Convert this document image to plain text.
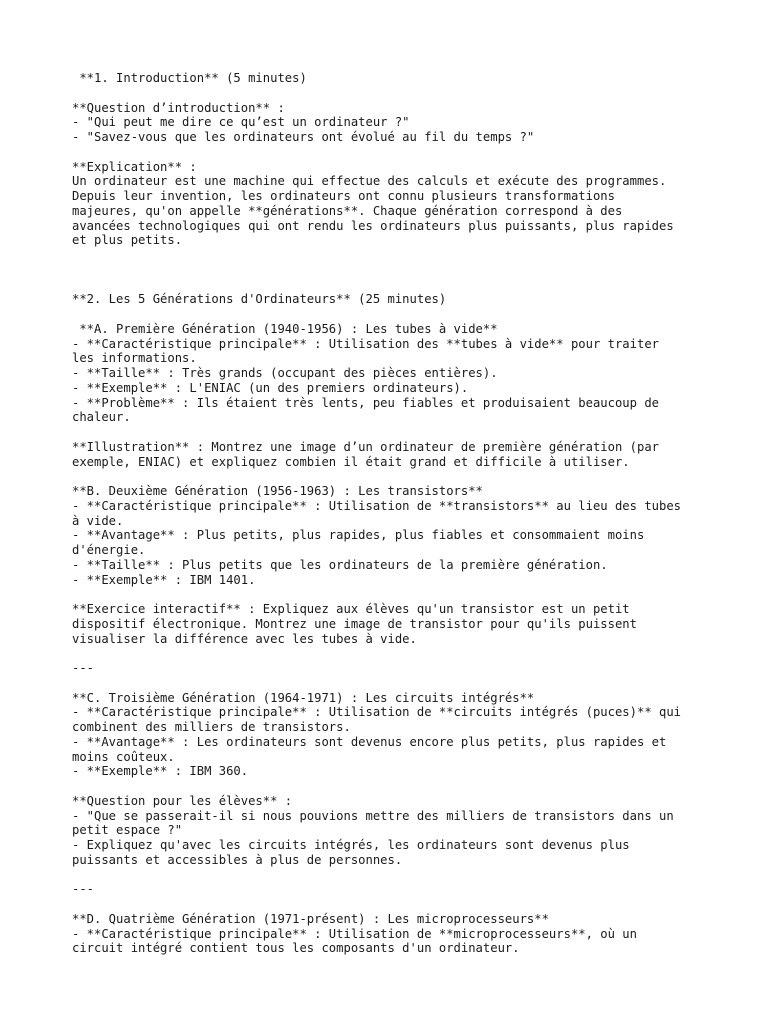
**1. Introduction** (5 minutes)
**Question d’introduction** :
- "Qui peut me dire ce qu’est un ordinateur ?"
- "Savez-vous que les ordinateurs ont évolué au fil du temps ?"
**Explication** :
Un ordinateur est une machine qui effectue des calculs et exécute des programmes.
Depuis leur invention, les ordinateurs ont connu plusieurs transformations
majeures, qu'on appelle **générations**. Chaque génération correspond à des
avancées technologiques qui ont rendu les ordinateurs plus puissants, plus rapides
et plus petits.
**2. Les 5 Générations d'Ordinateurs** (25 minutes)
**A. Première Génération (1940-1956) : Les tubes à vide**
- **Caractéristique principale** : Utilisation des **tubes à vide** pour traiter
les informations.
- **Taille** : Très grands (occupant des pièces entières).
- **Exemple** : L'ENIAC (un des premiers ordinateurs).
- **Problème** : Ils étaient très lents, peu fiables et produisaient beaucoup de
chaleur.
**Illustration** : Montrez une image d’un ordinateur de première génération (par
exemple, ENIAC) et expliquez combien il était grand et difficile à utiliser.
**B. Deuxième Génération (1956-1963) : Les transistors**
- **Caractéristique principale** : Utilisation de **transistors** au lieu des tubes
à vide.
- **Avantage** : Plus petits, plus rapides, plus fiables et consommaient moins
d'énergie.
- **Taille** : Plus petits que les ordinateurs de la première génération.
- **Exemple** : IBM 1401.
**Exercice interactif** : Expliquez aux élèves qu'un transistor est un petit
dispositif électronique. Montrez une image de transistor pour qu'ils puissent
visualiser la différence avec les tubes à vide.
---
**C. Troisième Génération (1964-1971) : Les circuits intégrés**
- **Caractéristique principale** : Utilisation de **circuits intégrés (puces)** qui
combinent des milliers de transistors.
- **Avantage** : Les ordinateurs sont devenus encore plus petits, plus rapides et
moins coûteux.
- **Exemple** : IBM 360.
**Question pour les élèves** :
- "Que se passerait-il si nous pouvions mettre des milliers de transistors dans un
petit espace ?"
- Expliquez qu'avec les circuits intégrés, les ordinateurs sont devenus plus
puissants et accessibles à plus de personnes.
---
**D. Quatrième Génération (1971-présent) : Les microprocesseurs**
- **Caractéristique principale** : Utilisation de **microprocesseurs**, où un
circuit intégré contient tous les composants d'un ordinateur.
